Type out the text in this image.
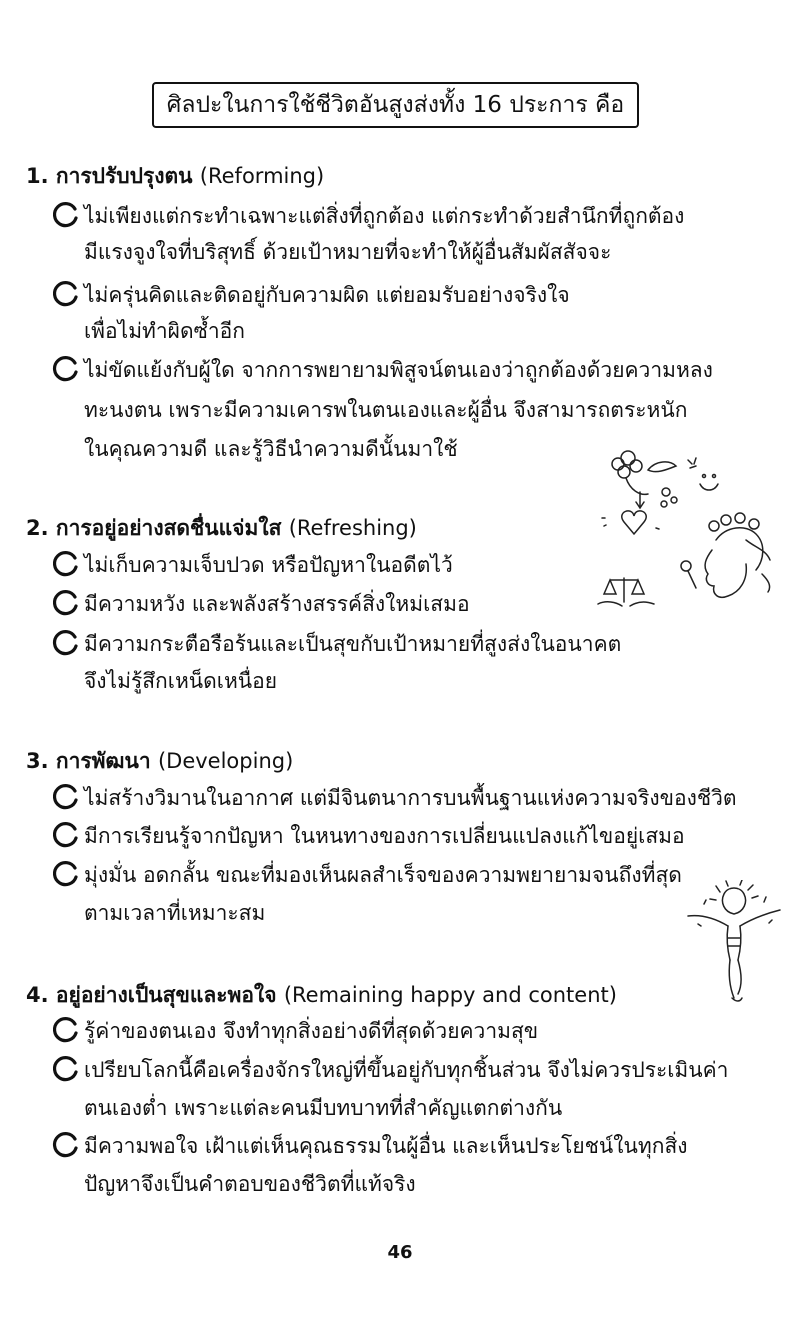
ศิลปะในการใช้ชีวิตอันสูงส่งทั้ง 16 ประการ คือ
1. การปรับปรุงตน (Reforming)
ไม่เพียงแต่กระทำเฉพาะแต่สิ่งที่ถูกต้อง แต่กระทำด้วยสำนึกที่ถูกต้อง
มีแรงจูงใจที่บริสุทธิ์ ด้วยเป้าหมายที่จะทำให้ผู้อื่นสัมผัสสัจจะ
ไม่ครุ่นคิดและติดอยู่กับความผิด แต่ยอมรับอย่างจริงใจ
เพื่อไม่ทำผิดซ้ำอีก
ไม่ขัดแย้งกับผู้ใด จากการพยายามพิสูจน์ตนเองว่าถูกต้องด้วยความหลง
ทะนงตน เพราะมีความเคารพในตนเองและผู้อื่น จึงสามารถตระหนัก
ในคุณความดี และรู้วิธีนำความดีนั้นมาใช้
2. การอยู่อย่างสดชื่นแจ่มใส (Refreshing)
ไม่เก็บความเจ็บปวด หรือปัญหาในอดีตไว้
มีความหวัง และพลังสร้างสรรค์สิ่งใหม่เสมอ
มีความกระตือรือร้นและเป็นสุขกับเป้าหมายที่สูงส่งในอนาคต
จึงไม่รู้สึกเหน็ดเหนื่อย
3. การพัฒนา (Developing)
ไม่สร้างวิมานในอากาศ แต่มีจินตนาการบนพื้นฐานแห่งความจริงของชีวิต
มีการเรียนรู้จากปัญหา ในหนทางของการเปลี่ยนแปลงแก้ไขอยู่เสมอ
มุ่งมั่น อดกลั้น ขณะที่มองเห็นผลสำเร็จของความพยายามจนถึงที่สุด
ตามเวลาที่เหมาะสม
4. อยู่อย่างเป็นสุขและพอใจ (Remaining happy and content)
รู้ค่าของตนเอง จึงทำทุกสิ่งอย่างดีที่สุดด้วยความสุข
เปรียบโลกนี้คือเครื่องจักรใหญ่ที่ขึ้นอยู่กับทุกชิ้นส่วน จึงไม่ควรประเมินค่า
ตนเองต่ำ เพราะแต่ละคนมีบทบาทที่สำคัญแตกต่างกัน
มีความพอใจ เฝ้าแต่เห็นคุณธรรมในผู้อื่น และเห็นประโยชน์ในทุกสิ่ง
ปัญหาจึงเป็นคำตอบของชีวิตที่แท้จริง
46
